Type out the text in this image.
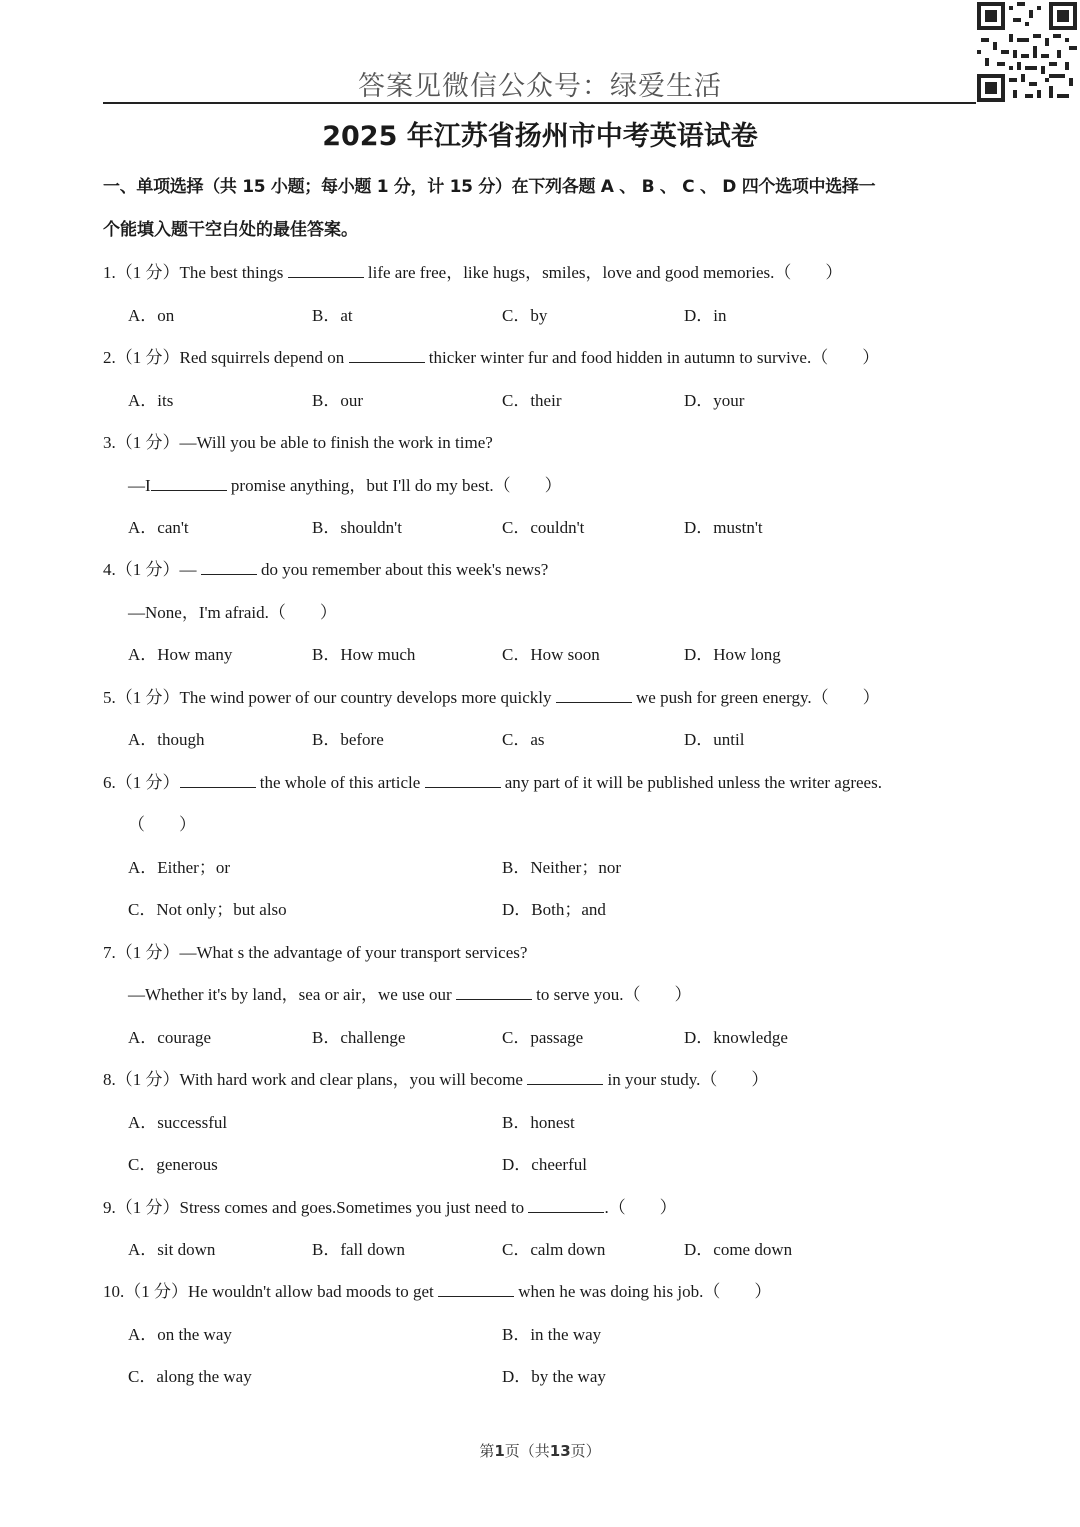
答案见微信公众号：绿爱生活
2025 年江苏省扬州市中考英语试卷
一、单项选择（共 15 小题；每小题 1 分，计 15 分）在下列各题 A 、 B 、 C 、 D 四个选项中选择一
个能填入题干空白处的最佳答案。
1.（1 分）The best things	life are free，like hugs，smiles，love and good memories.（　　）
A．on	B．at	C．by	D．in
2.（1 分）Red squirrels depend on	thicker winter fur and food hidden in autumn to survive.（　　）
A．its	B．our	C．their	D．your
3.（1 分）—Will you be able to finish the work in time?
—I	promise anything，but I'll do my best.（　　）
A．can't	B．shouldn't	C．couldn't	D．mustn't
4.（1 分）—	do you remember about this week's news?
—None，I'm afraid.（　　）
A．How many	B．How much	C．How soon	D．How long
5.（1 分）The wind power of our country develops more quickly	we push for green energy.（　　）
A．though	B．before	C．as	D．until
6.（1 分）	the whole of this article	any part of it will be published unless the writer agrees.
（　　）
A．Either；or	B．Neither；nor
C．Not only；but also	D．Both；and
7.（1 分）—What s the advantage of your transport services?
—Whether it's by land，sea or air，we use our	to serve you.（　　）
A．courage	B．challenge	C．passage	D．knowledge
8.（1 分）With hard work and clear plans，you will become	in your study.（　　）
A．successful	B．honest
C．generous	D．cheerful
9.（1 分）Stress comes and goes.Sometimes you just need to	.（　　）
A．sit down	B．fall down	C．calm down	D．come down
10.（1 分）He wouldn't allow bad moods to get	when he was doing his job.（　　）
A．on the way	B．in the way
C．along the way	D．by the way
第1页（共13页）
